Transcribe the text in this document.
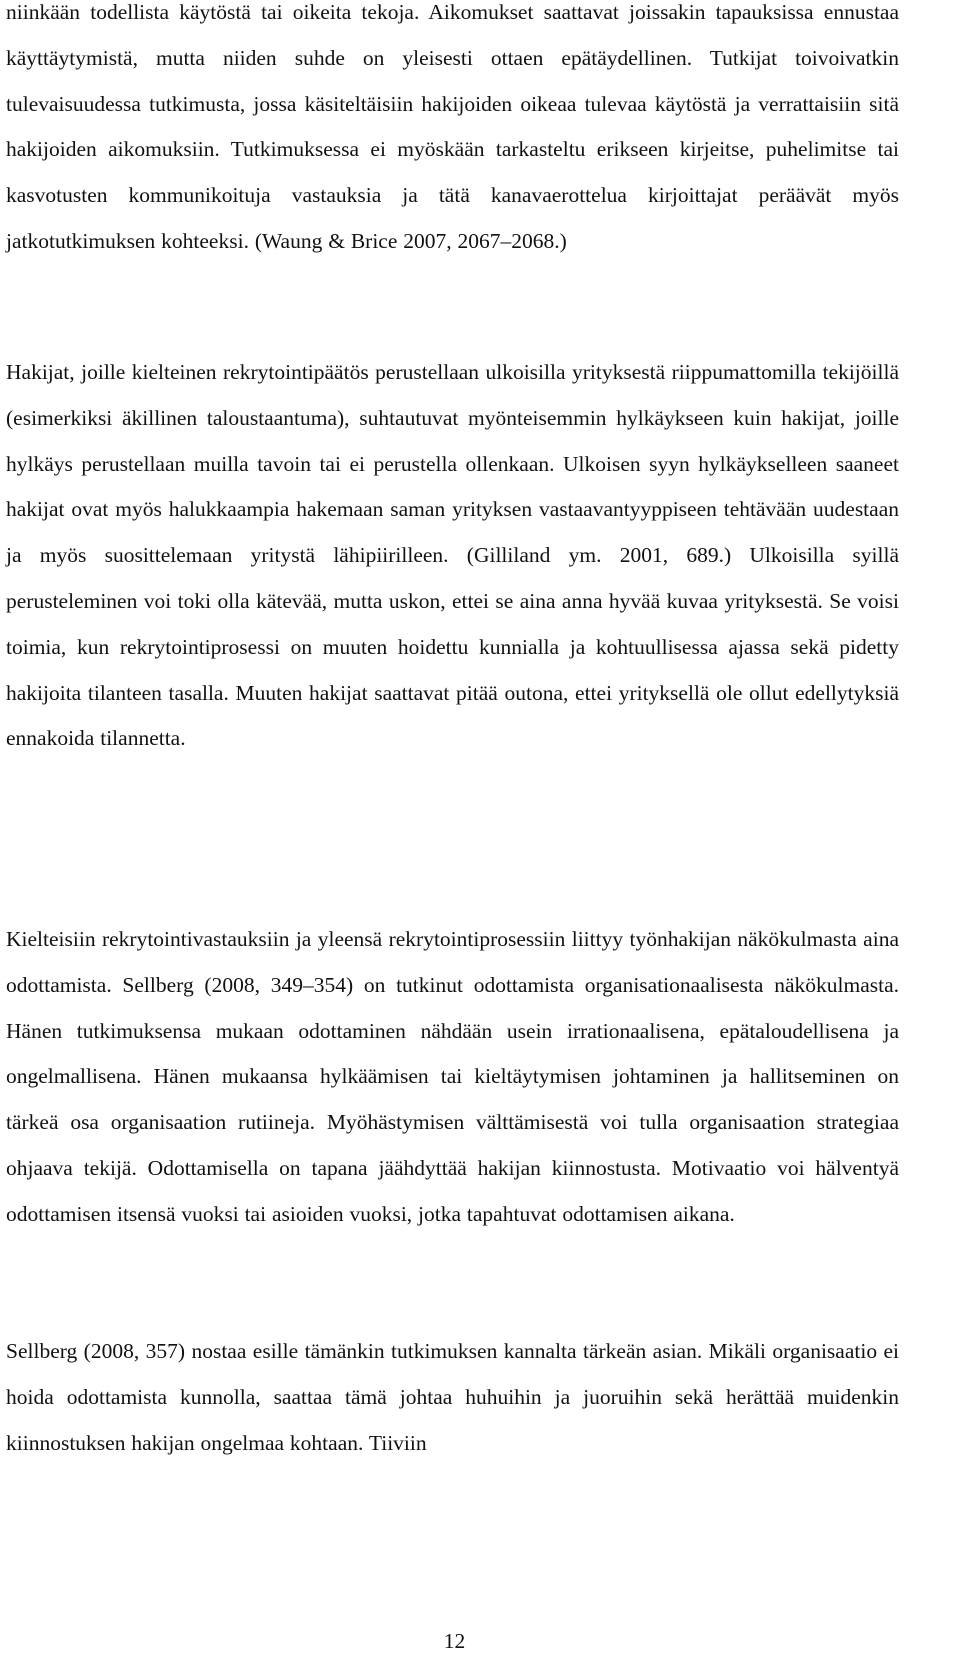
niinkään todellista käytöstä tai oikeita tekoja. Aikomukset saattavat joissakin tapauksissa ennustaa käyttäytymistä, mutta niiden suhde on yleisesti ottaen epätäydellinen. Tutkijat toivoivatkin tulevaisuudessa tutkimusta, jossa käsiteltäisiin hakijoiden oikeaa tulevaa käytöstä ja verrattaisiin sitä hakijoiden aikomuksiin. Tutkimuksessa ei myöskään tarkasteltu erikseen kirjeitse, puhelimitse tai kasvotusten kommunikoituja vastauksia ja tätä kanavaerottelua kirjoittajat peräävät myös jatkotutkimuksen kohteeksi. (Waung & Brice 2007, 2067–2068.)

Hakijat, joille kielteinen rekrytointipäätös perustellaan ulkoisilla yrityksestä riippumattomilla tekijöillä (esimerkiksi äkillinen taloustaantuma), suhtautuvat myönteisemmin hylkäykseen kuin hakijat, joille hylkäys perustellaan muilla tavoin tai ei perustella ollenkaan. Ulkoisen syyn hylkäykselleen saaneet hakijat ovat myös halukkaampia hakemaan saman yrityksen vastaavantyyppiseen tehtävään uudestaan ja myös suosittelemaan yritystä lähipiirilleen. (Gilliland ym. 2001, 689.) Ulkoisilla syillä perusteleminen voi toki olla kätevää, mutta uskon, ettei se aina anna hyvää kuvaa yrityksestä. Se voisi toimia, kun rekrytointiprosessi on muuten hoidettu kunnialla ja kohtuullisessa ajassa sekä pidetty hakijoita tilanteen tasalla. Muuten hakijat saattavat pitää outona, ettei yrityksellä ole ollut edellytyksiä ennakoida tilannetta.

Kielteisiin rekrytointivastauksiin ja yleensä rekrytointiprosessiin liittyy työnhakijan näkökulmasta aina odottamista. Sellberg (2008, 349–354) on tutkinut odottamista organisationaalisesta näkökulmasta. Hänen tutkimuksensa mukaan odottaminen nähdään usein irrationaalisena, epätaloudellisena ja ongelmallisena. Hänen mukaansa hylkäämisen tai kieltäytymisen johtaminen ja hallitseminen on tärkeä osa organisaation rutiineja. Myöhästymisen välttämisestä voi tulla organisaation strategiaa ohjaava tekijä. Odottamisella on tapana jäähdyttää hakijan kiinnostusta. Motivaatio voi hälventyä odottamisen itsensä vuoksi tai asioiden vuoksi, jotka tapahtuvat odottamisen aikana.

Sellberg (2008, 357) nostaa esille tämänkin tutkimuksen kannalta tärkeän asian. Mikäli organisaatio ei hoida odottamista kunnolla, saattaa tämä johtaa huhuihin ja juoruihin sekä herättää muidenkin kiinnostuksen hakijan ongelmaa kohtaan. Tiiviin

12
